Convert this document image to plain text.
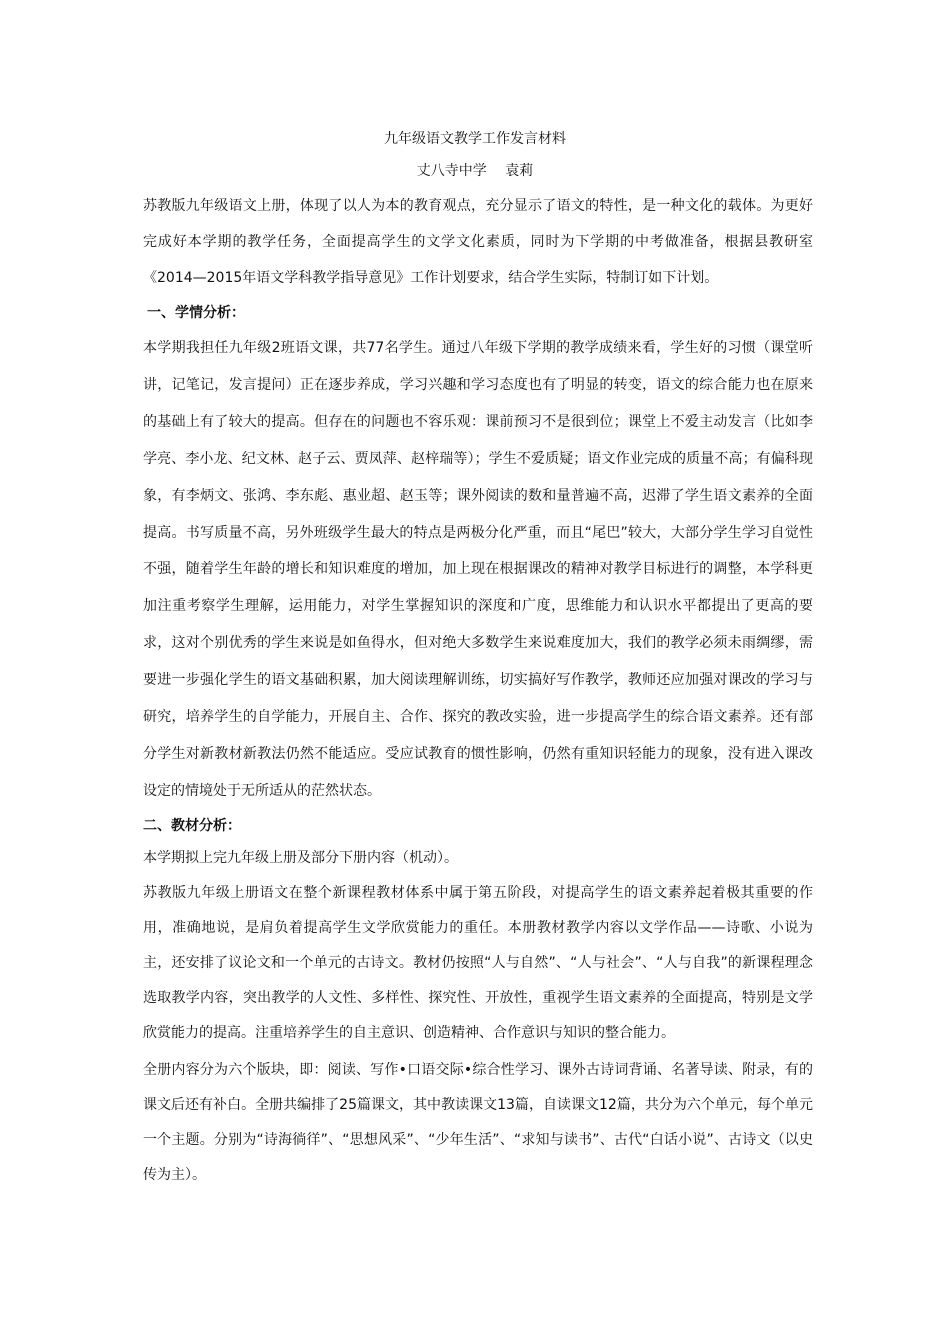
九年级语文教学工作发言材料
丈八寺中学　 袁莉
苏教版九年级语文上册，体现了以人为本的教育观点，充分显示了语文的特性，是一种文化的载体。为更好完成好本学期的教学任务，全面提高学生的文学文化素质，同时为下学期的中考做准备，根据县教研室《2014—2015年语文学科教学指导意见》工作计划要求，结合学生实际，特制订如下计划。
一、学情分析：
本学期我担任九年级2班语文课，共77名学生。通过八年级下学期的教学成绩来看，学生好的习惯（课堂听讲，记笔记，发言提问）正在逐步养成，学习兴趣和学习态度也有了明显的转变，语文的综合能力也在原来的基础上有了较大的提高。但存在的问题也不容乐观：课前预习不是很到位；课堂上不爱主动发言（比如李学亮、李小龙、纪文林、赵子云、贾凤萍、赵梓瑞等）；学生不爱质疑；语文作业完成的质量不高；有偏科现象，有李炳文、张鸿、李东彪、惠业超、赵玉等；课外阅读的数和量普遍不高，迟滞了学生语文素养的全面提高。书写质量不高，另外班级学生最大的特点是两极分化严重，而且“尾巴”较大，大部分学生学习自觉性不强，随着学生年龄的增长和知识难度的增加，加上现在根据课改的精神对教学目标进行的调整，本学科更加注重考察学生理解，运用能力，对学生掌握知识的深度和广度，思维能力和认识水平都提出了更高的要求，这对个别优秀的学生来说是如鱼得水，但对绝大多数学生来说难度加大，我们的教学必须未雨绸缪，需要进一步强化学生的语文基础积累，加大阅读理解训练，切实搞好写作教学，教师还应加强对课改的学习与研究，培养学生的自学能力，开展自主、合作、探究的教改实验，进一步提高学生的综合语文素养。还有部分学生对新教材新教法仍然不能适应。受应试教育的惯性影响，仍然有重知识轻能力的现象，没有进入课改设定的情境处于无所适从的茫然状态。
二、教材分析：
本学期拟上完九年级上册及部分下册内容（机动）。
苏教版九年级上册语文在整个新课程教材体系中属于第五阶段，对提高学生的语文素养起着极其重要的作用，准确地说，是肩负着提高学生文学欣赏能力的重任。本册教材教学内容以文学作品——诗歌、小说为主，还安排了议论文和一个单元的古诗文。教材仍按照“人与自然”、“人与社会”、“人与自我”的新课程理念选取教学内容，突出教学的人文性、多样性、探究性、开放性，重视学生语文素养的全面提高，特别是文学欣赏能力的提高。注重培养学生的自主意识、创造精神、合作意识与知识的整合能力。
全册内容分为六个版块，即：阅读、写作•口语交际•综合性学习、课外古诗词背诵、名著导读、附录，有的课文后还有补白。全册共编排了25篇课文，其中教读课文13篇，自读课文12篇，共分为六个单元，每个单元一个主题。分别为“诗海徜徉”、“思想风采”、“少年生活”、“求知与读书”、古代“白话小说”、古诗文（以史传为主）。
